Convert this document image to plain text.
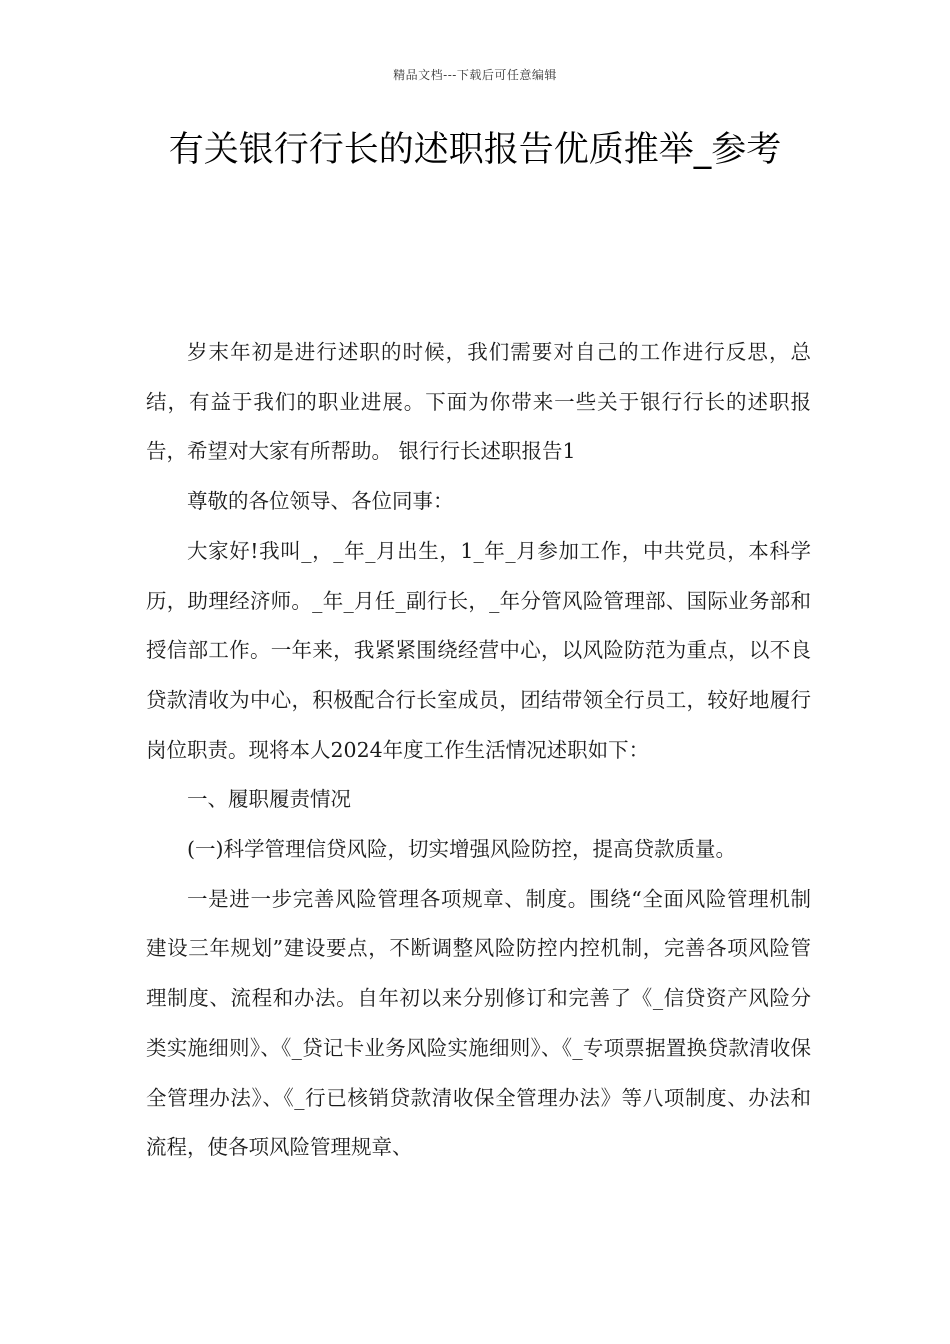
精品文档---下载后可任意编辑
有关银行行长的述职报告优质推举_参考

岁末年初是进行述职的时候，我们需要对自己的工作进行反思，总结，有益于我们的职业进展。下面为你带来一些关于银行行长的述职报告，希望对大家有所帮助。 银行行长述职报告1

尊敬的各位领导、各位同事：

大家好!我叫_，_年_月出生，1_年_月参加工作，中共党员，本科学历，助理经济师。_年_月任_副行长，_年分管风险管理部、国际业务部和授信部工作。一年来，我紧紧围绕经营中心，以风险防范为重点，以不良贷款清收为中心，积极配合行长室成员，团结带领全行员工，较好地履行岗位职责。现将本人2024年度工作生活情况述职如下：

一、履职履责情况

(一)科学管理信贷风险，切实增强风险防控，提高贷款质量。

一是进一步完善风险管理各项规章、制度。围绕“全面风险管理机制建设三年规划”建设要点，不断调整风险防控内控机制，完善各项风险管理制度、流程和办法。自年初以来分别修订和完善了《_信贷资产风险分类实施细则》、《_贷记卡业务风险实施细则》、《_专项票据置换贷款清收保全管理办法》、《_行已核销贷款清收保全管理办法》等八项制度、办法和流程，使各项风险管理规章、
